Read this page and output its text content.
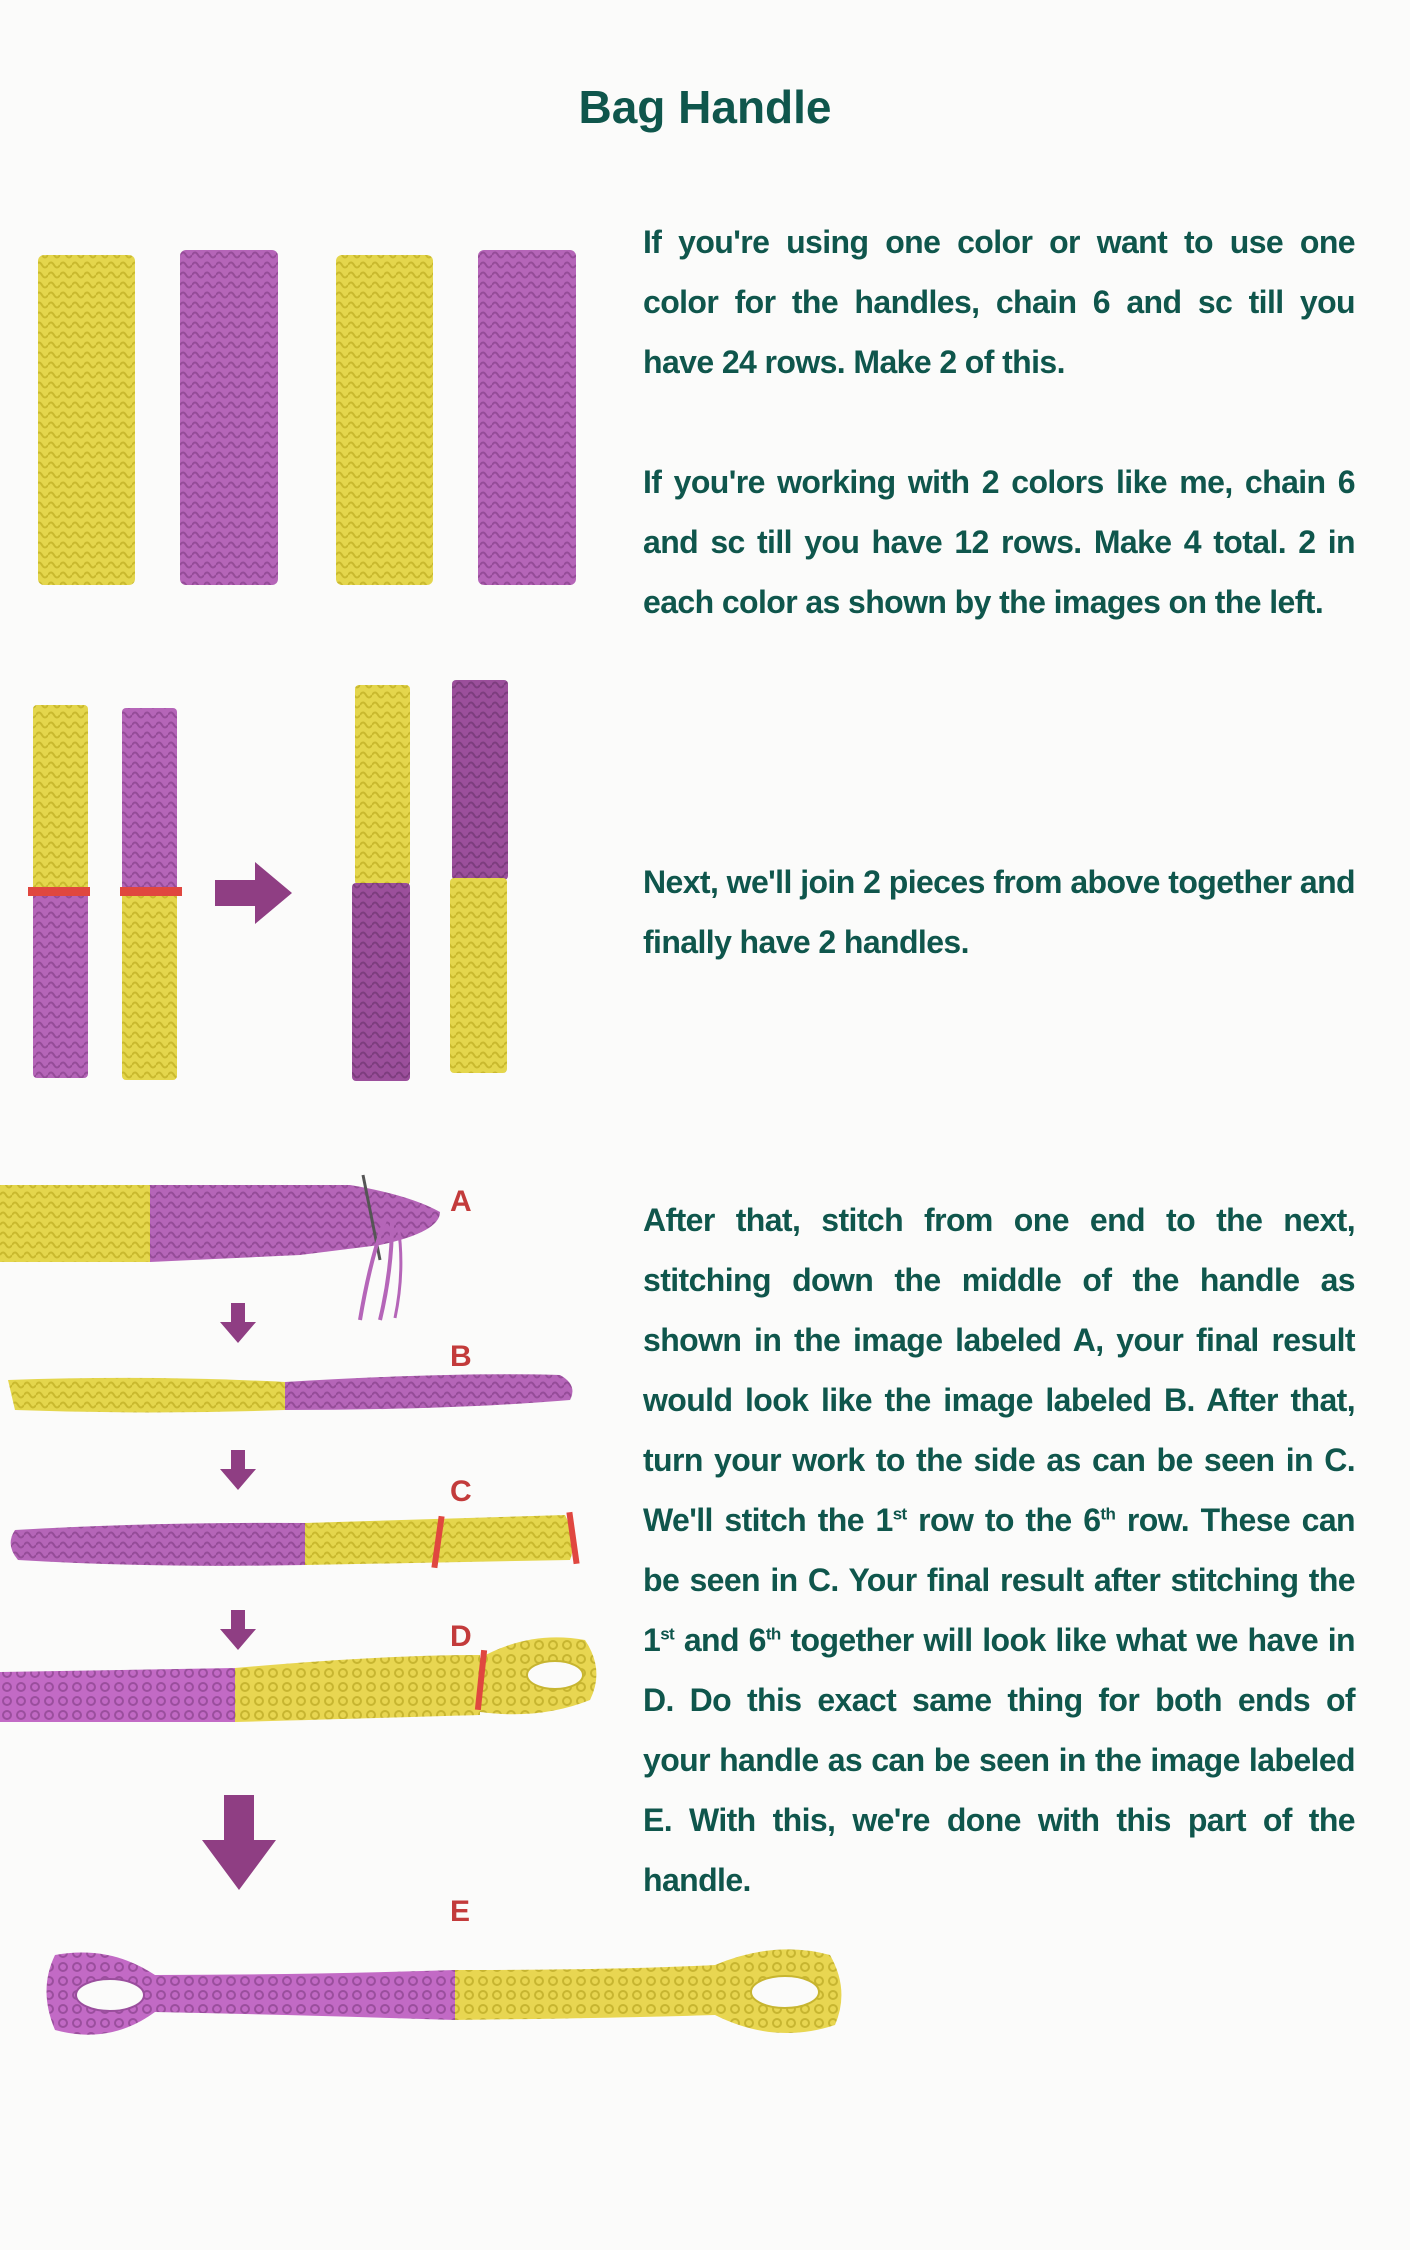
Bag Handle
A
B
C
D
E

If you're using one color or want to use one color for the handles, chain 6 and sc till you have 24 rows. Make 2 of this.

If you're working with 2 colors like me, chain 6 and sc till you have 12 rows. Make 4 total. 2 in each color as shown by the images on the left.

Next, we'll join 2 pieces from above together and finally have 2 handles.

After that, stitch from one end to the next, stitching down the middle of the handle as shown in the image labeled A, your final result would look like the image labeled B. After that, turn your work to the side as can be seen in C. We'll stitch the 1st row to the 6th row. These can be seen in C. Your final result after stitching the 1st and 6th together will look like what we have in D. Do this exact same thing for both ends of your handle as can be seen in the image labeled E. With this, we're done with this part of the handle.
